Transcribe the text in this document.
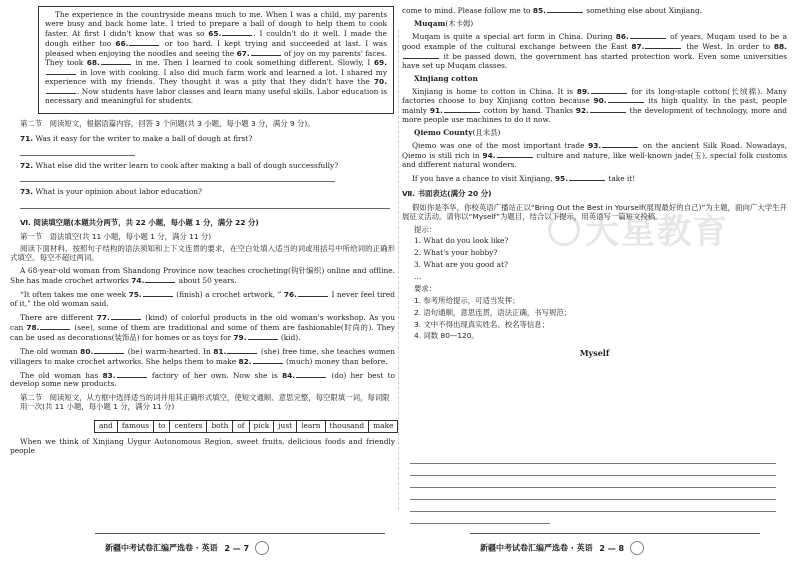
大星教育
The experience in the countryside means much to me. When I was a child, my parents were busy and back home late. I tried to prepare a ball of dough to help them to cook faster. At first I didn't know that was so 65.	. I couldn't do it well. I made the dough either too 66.	or too hard. I kept trying and succeeded at last. I was pleased when enjoying the noodles and seeing the 67.	of joy on my parents' faces. They took 68.	in me. Then I learned to cook something different. Slowly, I 69. in love with cooking. I also did much farm work and learned a lot. I shared my experience with my friends. They thought it was a pity that they didn't have the 70.. Now students have labor classes and learn many useful skills. Labor education is necessary and meaningful for students.
第二节　阅读短文，根据语篇内容，回答 3 个问题(共 3 小题，每小题 3 分，满分 9 分)。
71. Was it easy for the writer to make a ball of dough at first?
72. What else did the writer learn to cook after making a ball of dough successfully?
73. What is your opinion about labor education?
Ⅵ. 阅读填空题(本题共分两节，共 22 小题，每小题 1 分，满分 22 分)
第一节　语法填空(共 11 小题，每小题 1 分，满分 11 分)
阅读下面材料，按照句子结构的语法须知和上下文连贯的要求，在空白处填入适当的词或用括号中所给词的正确形式填空。每空不超过两词。
A 68-year-old woman from Shandong Province now teaches crocheting(钩针编织) online and offline. She has made crochet artworks 74.	about 50 years.
“It often takes me one week 75.	(finish) a crochet artwork, ” 76.	I never feel tired of it,” the old woman said.
There are different 77.	(kind) of colorful products in the old woman's workshop. As you can 78.	(see), some of them are traditional and some of them are fashionable(时尚的). They can be used as decorations(装饰品) for homes or as toys for 79.	(kid).
The old woman 80.	(be) warm-hearted. In 81.	(she) free time, she teaches women villagers to make crochet artworks. She helps them to make 82.	(much) money than before.
The old woman has 83.	factory of her own. Now she is 84.	(do) her best to develop some new products.
第二节　阅读短文，从方框中选择适当的词并用其正确形式填空，使短文通顺、意思完整，每空限填一词，每词限用一次(共 11 小题，每小题 1 分，满分 11 分)
and	famous	to	centers	both	of	pick	just	learn	thousand	make
When we think of Xinjiang Uygur Autonomous Region, sweet fruits, delicious foods and friendly people
come to mind. Please follow me to 85.	something else about Xinjiang.
Muqam(木卡姆)
Muqam is quite a special art form in China. During 86.	of years, Muqam used to be a good example of the cultural exchange between the East 87.	the West. In order to 88. it be passed down, the government has started protection work. Even some universities have set up Muqam classes.
Xinjiang cotton
Xinjiang is home to cotton in China. It is 89.	for its long-staple cotton(长绒棉). Many factories choose to buy Xinjiang cotton because 90.	its high quality. In the past, people mainly 91.	cotton by hand. Thanks 92.	the development of technology, more and more people use machines to do it now.
Qiemo County(且末县)
Qiemo was one of the most important trade 93.	on the ancient Silk Road. Nowadays, Qiemo is still rich in 94.	culture and nature, like well-known jade(玉), special folk customs and different natural wonders.
If you have a chance to visit Xinjiang, 95.	take it!
Ⅶ. 书面表达(满分 20 分)
假如你是李华，你校英语广播站正以“Bring Out the Best in Yourself(展现最好的自己)”为主题，面向广大学生开展征文活动。请你以“Myself”为题目，结合以下提示，用英语写一篇短文投稿。
提示：
1. What do you look like?
2. What's your hobby?
3. What are you good at?
…
要求：
1. 参考所给提示，可适当发挥；
2. 语句通顺，意思连贯，语法正确，书写规范；
3. 文中不得出现真实姓名、校名等信息；
4. 词数 80—120。
Myself
新疆中考试卷汇编严选卷 · 英语 2 — 7	新疆中考试卷汇编严选卷 · 英语 2 — 8
